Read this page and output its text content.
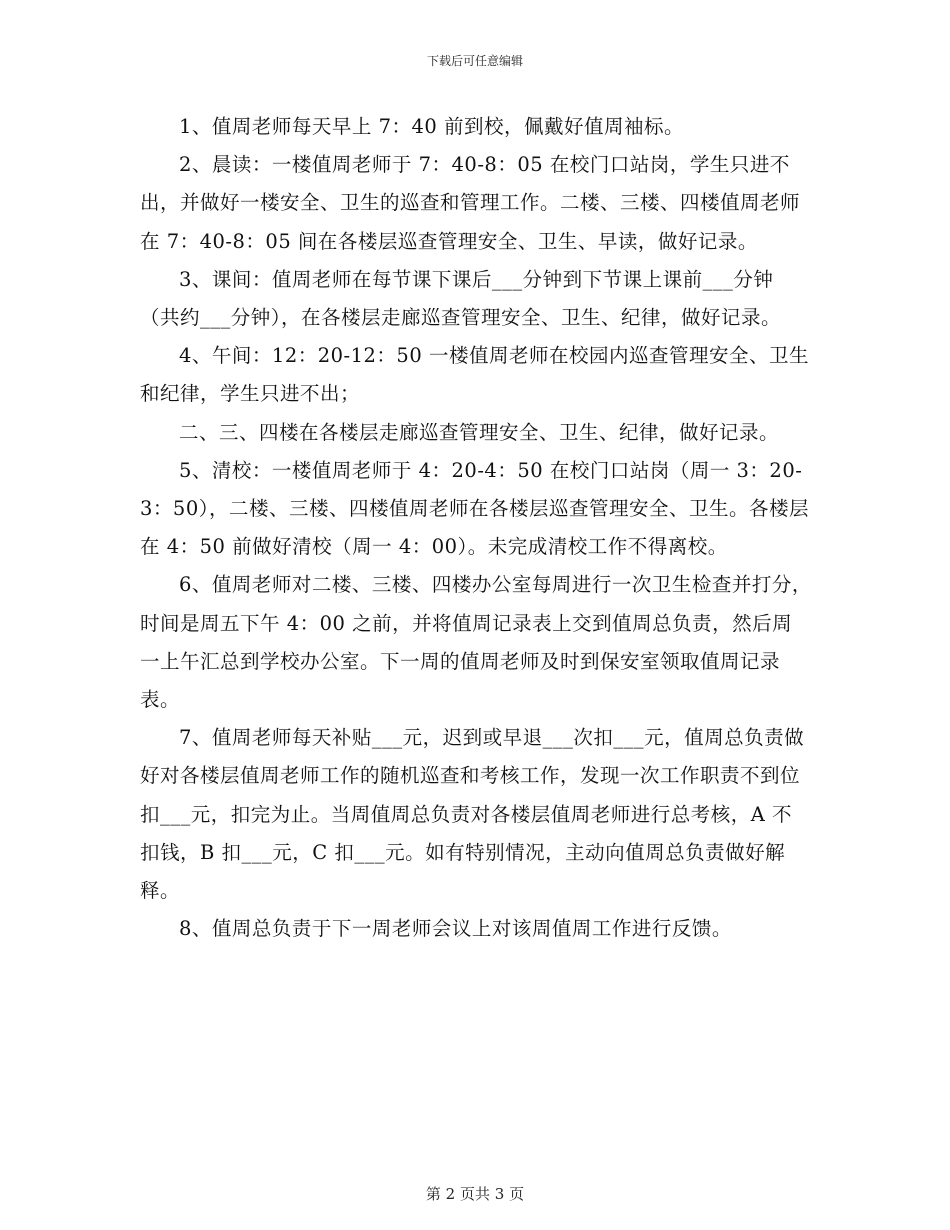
下载后可任意编辑

1、值周老师每天早上 7：40 前到校，佩戴好值周袖标。

2、晨读：一楼值周老师于 7：40-8：05 在校门口站岗，学生只进不出，并做好一楼安全、卫生的巡查和管理工作。二楼、三楼、四楼值周老师在 7：40-8：05 间在各楼层巡查管理安全、卫生、早读，做好记录。

3、课间：值周老师在每节课下课后___分钟到下节课上课前___分钟（共约___分钟），在各楼层走廊巡查管理安全、卫生、纪律，做好记录。

4、午间：12：20-12：50 一楼值周老师在校园内巡查管理安全、卫生和纪律，学生只进不出；

二、三、四楼在各楼层走廊巡查管理安全、卫生、纪律，做好记录。

5、清校：一楼值周老师于 4：20-4：50 在校门口站岗（周一 3：20-3：50），二楼、三楼、四楼值周老师在各楼层巡查管理安全、卫生。各楼层在 4：50 前做好清校（周一 4：00）。未完成清校工作不得离校。

6、值周老师对二楼、三楼、四楼办公室每周进行一次卫生检查并打分，时间是周五下午 4：00 之前，并将值周记录表上交到值周总负责，然后周一上午汇总到学校办公室。下一周的值周老师及时到保安室领取值周记录表。

7、值周老师每天补贴___元，迟到或早退___次扣___元，值周总负责做好对各楼层值周老师工作的随机巡查和考核工作，发现一次工作职责不到位扣___元，扣完为止。当周值周总负责对各楼层值周老师进行总考核，A 不扣钱，B 扣___元，C 扣___元。如有特别情况，主动向值周总负责做好解释。

8、值周总负责于下一周老师会议上对该周值周工作进行反馈。

第 2 页共 3 页
